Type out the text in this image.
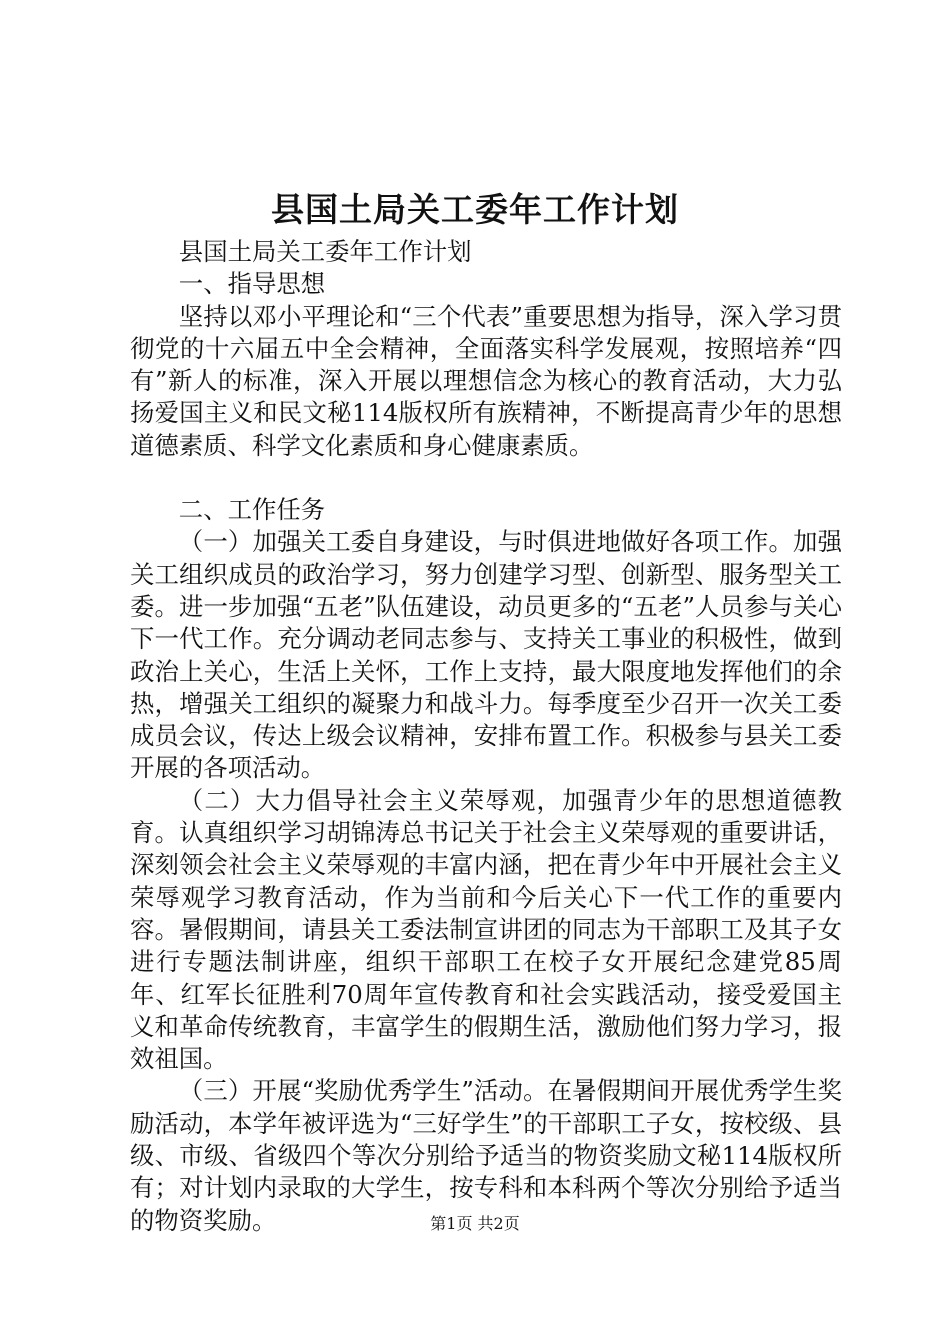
县国土局关工委年工作计划

县国土局关工委年工作计划

一、指导思想

坚持以邓小平理论和“三个代表”重要思想为指导，深入学习贯彻党的十六届五中全会精神，全面落实科学发展观，按照培养“四有”新人的标准，深入开展以理想信念为核心的教育活动，大力弘扬爱国主义和民文秘114版权所有族精神，不断提高青少年的思想道德素质、科学文化素质和身心健康素质。

二、工作任务

（一）加强关工委自身建设，与时俱进地做好各项工作。加强关工组织成员的政治学习，努力创建学习型、创新型、服务型关工委。进一步加强“五老”队伍建设，动员更多的“五老”人员参与关心下一代工作。充分调动老同志参与、支持关工事业的积极性，做到政治上关心，生活上关怀，工作上支持，最大限度地发挥他们的余热，增强关工组织的凝聚力和战斗力。每季度至少召开一次关工委成员会议，传达上级会议精神，安排布置工作。积极参与县关工委开展的各项活动。

（二）大力倡导社会主义荣辱观，加强青少年的思想道德教育。认真组织学习胡锦涛总书记关于社会主义荣辱观的重要讲话，深刻领会社会主义荣辱观的丰富内涵，把在青少年中开展社会主义荣辱观学习教育活动，作为当前和今后关心下一代工作的重要内容。暑假期间，请县关工委法制宣讲团的同志为干部职工及其子女进行专题法制讲座，组织干部职工在校子女开展纪念建党85周年、红军长征胜利70周年宣传教育和社会实践活动，接受爱国主义和革命传统教育，丰富学生的假期生活，激励他们努力学习，报效祖国。

（三）开展“奖励优秀学生”活动。在暑假期间开展优秀学生奖励活动，本学年被评选为“三好学生”的干部职工子女，按校级、县级、市级、省级四个等次分别给予适当的物资奖励文秘114版权所有；对计划内录取的大学生，按专科和本科两个等次分别给予适当的物资奖励。	第1页 共2页
